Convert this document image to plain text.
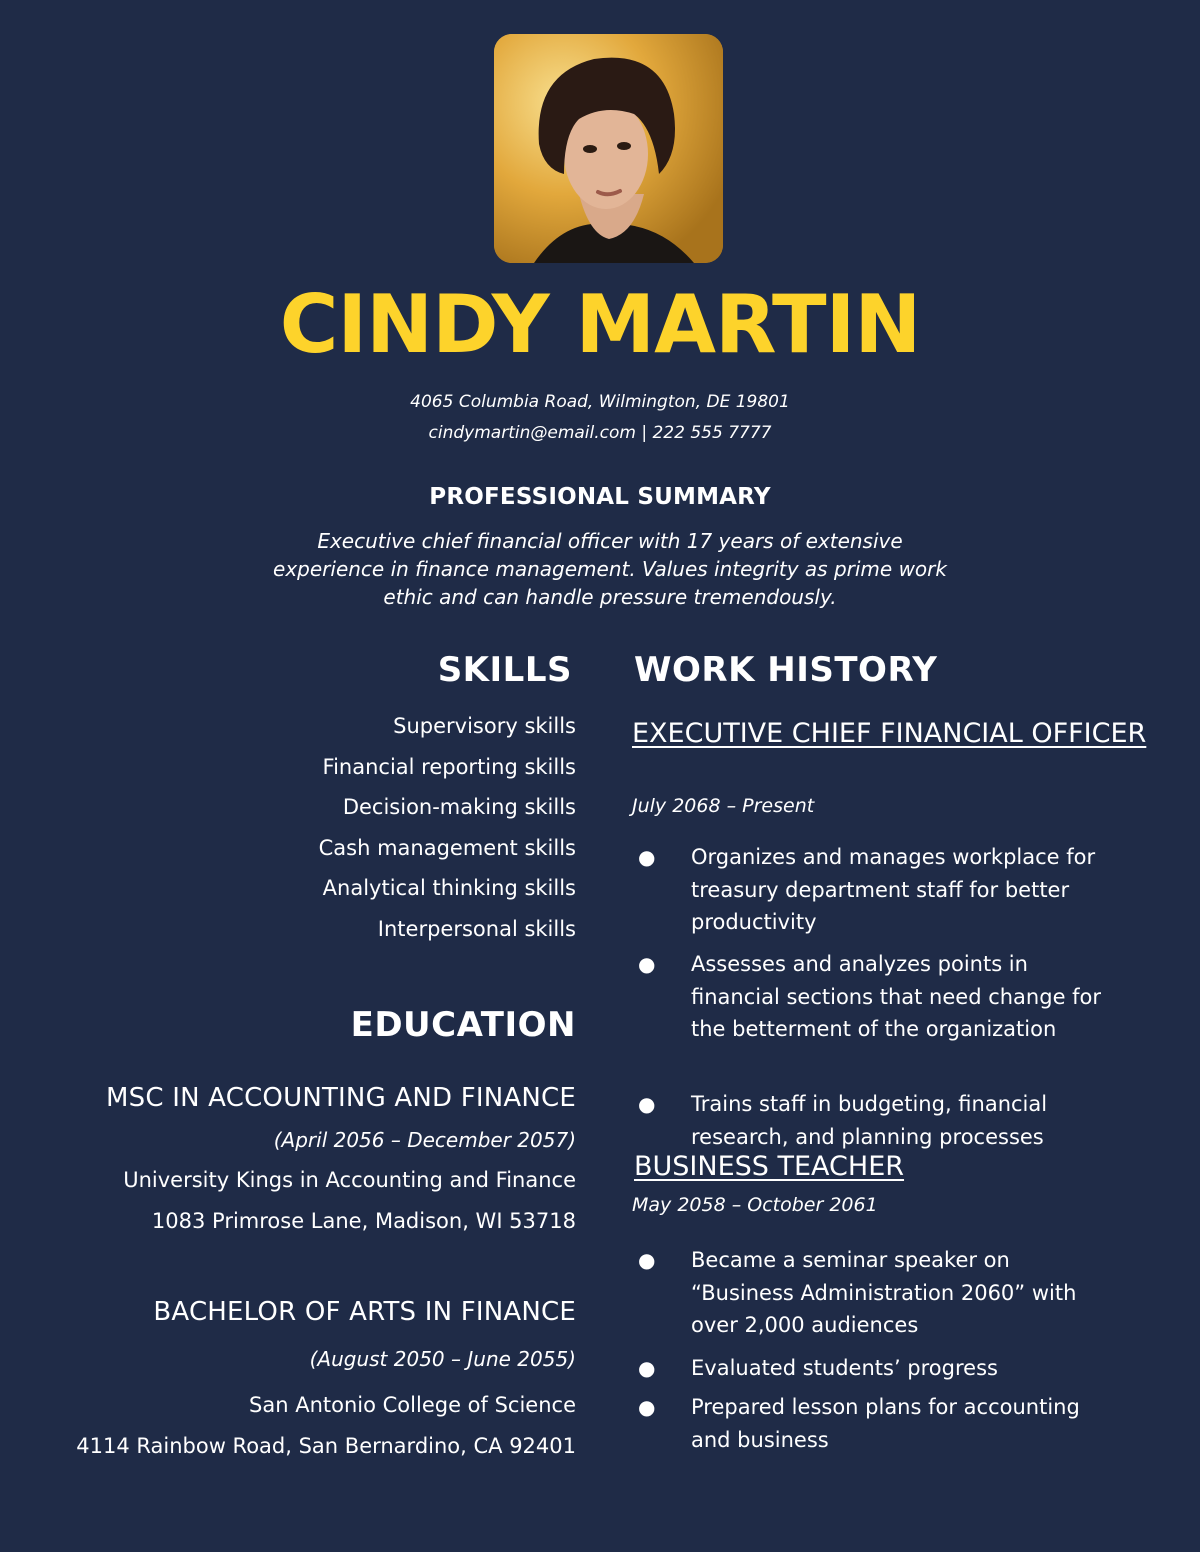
CINDY MARTIN
4065 Columbia Road, Wilmington, DE 19801
cindymartin@email.com | 222 555 7777
PROFESSIONAL SUMMARY
Executive chief financial officer with 17 years of extensive experience in finance management. Values integrity as prime work ethic and can handle pressure tremendously.
SKILLS
Supervisory skills
Financial reporting skills
Decision-making skills
Cash management skills
Analytical thinking skills
Interpersonal skills
EDUCATION
MSC IN ACCOUNTING AND FINANCE
(April 2056 – December 2057)
University Kings in Accounting and Finance
1083 Primrose Lane, Madison, WI 53718
BACHELOR OF ARTS IN FINANCE
(August 2050 – June 2055)
San Antonio College of Science
4114 Rainbow Road, San Bernardino, CA 92401
WORK HISTORY
EXECUTIVE CHIEF FINANCIAL OFFICER
July 2068 – Present
● Organizes and manages workplace for treasury department staff for better productivity
● Assesses and analyzes points in financial sections that need change for the betterment of the organization
● Trains staff in budgeting, financial research, and planning processes
BUSINESS TEACHER
May 2058 – October 2061
● Became a seminar speaker on “Business Administration 2060” with over 2,000 audiences
● Evaluated students’ progress
● Prepared lesson plans for accounting and business
